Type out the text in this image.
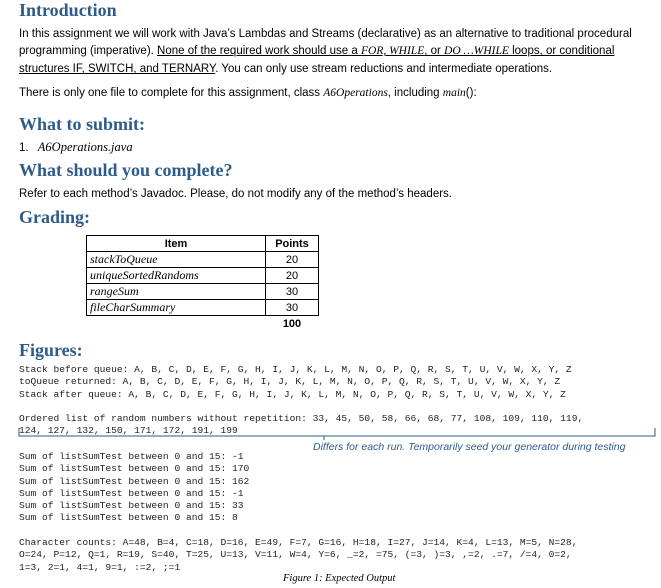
Introduction
In this assignment we will work with Java’s Lambdas and Streams (declarative) as an alternative to traditional procedural
programming (imperative). None of the required work should use a FOR, WHILE, or DO …WHILE loops, or conditional
structures IF, SWITCH, and TERNARY. You can only use stream reductions and intermediate operations.
There is only one file to complete for this assignment, class A6Operations, including main():
What to submit:
1. A6Operations.java
What should you complete?
Refer to each method’s Javadoc. Please, do not modify any of the method’s headers.
Grading:
Item	Points
stackToQueue	20
uniqueSortedRandoms	20
rangeSum	30
fileCharSummary	30
	100
Figures:
Stack before queue: A, B, C, D, E, F, G, H, I, J, K, L, M, N, O, P, Q, R, S, T, U, V, W, X, Y, Z
toQueue returned: A, B, C, D, E, F, G, H, I, J, K, L, M, N, O, P, Q, R, S, T, U, V, W, X, Y, Z
Stack after queue: A, B, C, D, E, F, G, H, I, J, K, L, M, N, O, P, Q, R, S, T, U, V, W, X, Y, Z
Ordered list of random numbers without repetition: 33, 45, 50, 58, 66, 68, 77, 108, 109, 110, 119,
124, 127, 132, 150, 171, 172, 191, 199
Differs for each run. Temporarily seed your generator during testing
Sum of listSumTest between 0 and 15: -1
Sum of listSumTest between 0 and 15: 170
Sum of listSumTest between 0 and 15: 162
Sum of listSumTest between 0 and 15: -1
Sum of listSumTest between 0 and 15: 33
Sum of listSumTest between 0 and 15: 8
Character counts: A=48, B=4, C=18, D=16, E=49, F=7, G=16, H=18, I=27, J=14, K=4, L=13, M=5, N=28,
O=24, P=12, Q=1, R=19, S=40, T=25, U=13, V=11, W=4, Y=6, _=2, =75, (=3, )=3, ,=2, .=7, /=4, 0=2,
1=3, 2=1, 4=1, 9=1, :=2, ;=1
Figure 1: Expected Output
